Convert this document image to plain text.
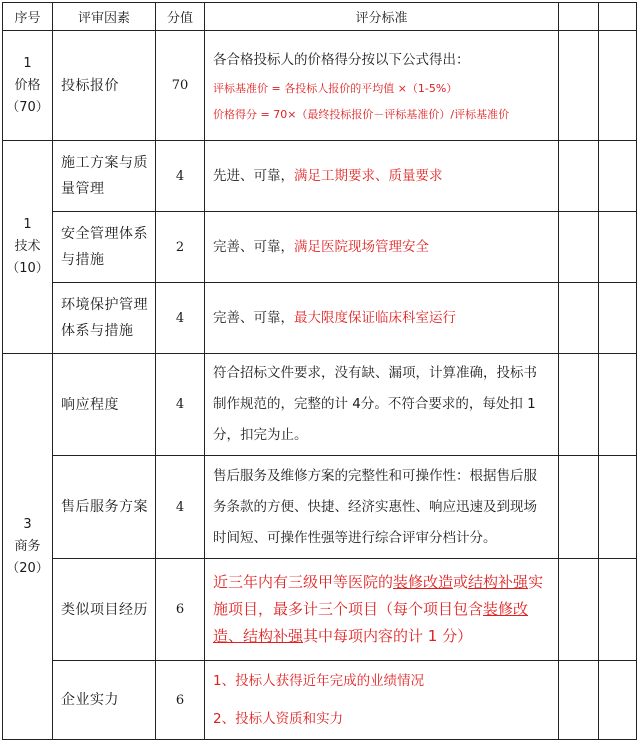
序号	评审因素	分值	评分标准		

1
价格
（70）	投标报价	70	各合格投标人的价格得分按以下公式得出：
评标基准价 = 各投标人报价的平均值 ×（1-5%）
价格得分 = 70×（最终投标报价－评标基准价）/评标基准价		

1
技术
（10）	施工方案与质
量管理	4	先进、可靠，满足工期要求、质量要求		

	安全管理体系
与措施	2	完善、可靠，满足医院现场管理安全		

	环境保护管理
体系与措施	4	完善、可靠，最大限度保证临床科室运行		

3
商务
（20）	响应程度	4	符合招标文件要求，没有缺、漏项，计算准确，投标书
制作规范的，完整的计 4分。不符合要求的，每处扣 1
分，扣完为止。		

	售后服务方案	4	售后服务及维修方案的完整性和可操作性：根据售后服
务条款的方便、快捷、经济实惠性、响应迅速及到现场
时间短、可操作性强等进行综合评审分档计分。		

	类似项目经历	6	近三年内有三级甲等医院的装修改造或结构补强实施项目，最多计三个项目（每个项目包含装修改造、结构补强其中每项内容的计 1 分）		
	企业实力	6	1、投标人获得近年完成的业绩情况
2、投标人资质和实力		
